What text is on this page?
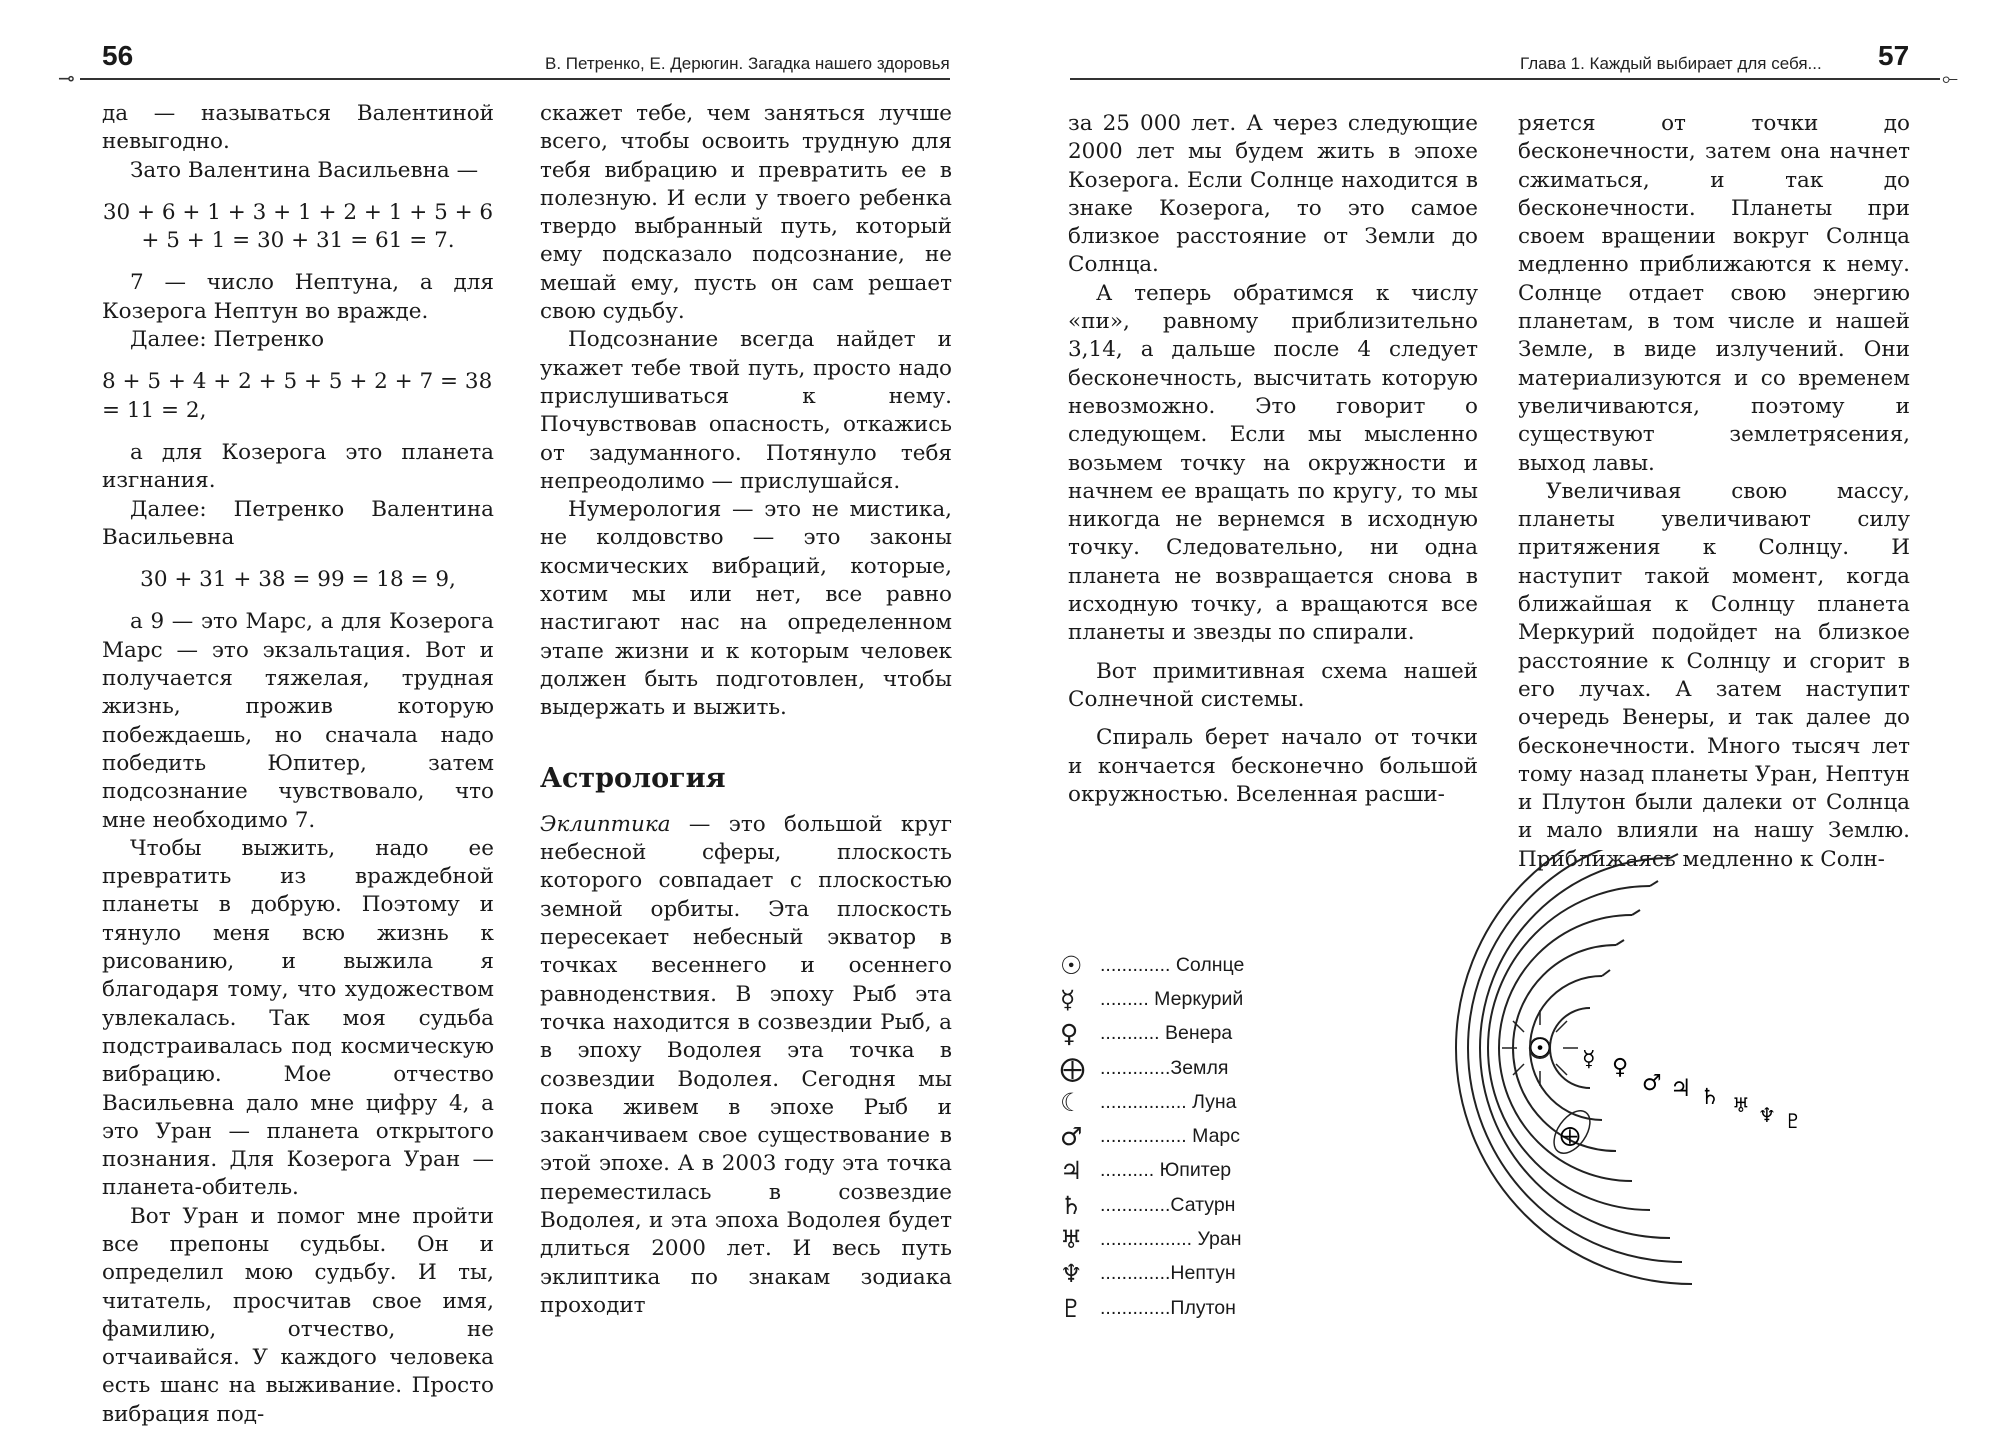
56	В. Петренко, Е. Дерюгин. Загадка нашего здоровья
⊸

да — называться Валентиной невыгодно.

Зато Валентина Васильевна —

30 + 6 + 1 + 3 + 1 + 2 + 1 + 5 + 6 + 5 + 1 = 30 + 31 = 61 = 7.

7 — число Нептуна, а для Козерога Нептун во вражде.

Далее: Петренко

8 + 5 + 4 + 2 + 5 + 5 + 2 + 7 = 38 = 11 = 2,

а для Козерога это планета изгнания.

Далее: Петренко Валентина Васильевна

30 + 31 + 38 = 99 = 18 = 9,

а 9 — это Марс, а для Козерога Марс — это экзальтация. Вот и получается тяжелая, трудная жизнь, прожив которую побеждаешь, но сначала надо победить Юпитер, затем подсознание чувствовало, что мне необходимо 7.

Чтобы выжить, надо ее превратить из враждебной планеты в добрую. Поэтому и тянуло меня всю жизнь к рисованию, и выжила я благодаря тому, что художеством увлекалась. Так моя судьба подстраивалась под космическую вибрацию. Мое отчество Васильевна дало мне цифру 4, а это Уран — планета открытого познания. Для Козерога Уран — планета-обитель.

Вот Уран и помог мне пройти все препоны судьбы. Он и определил мою судьбу. И ты, читатель, просчитав свое имя, фамилию, отчество, не отчаивайся. У каждого человека есть шанс на выживание. Просто вибрация под-

скажет тебе, чем заняться лучше всего, чтобы освоить трудную для тебя вибрацию и превратить ее в полезную. И если у твоего ребенка твердо выбранный путь, который ему подсказало подсознание, не мешай ему, пусть он сам решает свою судьбу.

Подсознание всегда найдет и укажет тебе твой путь, просто надо прислушиваться к нему. Почувствовав опасность, откажись от задуманного. Потянуло тебя непреодолимо — прислушайся.

Нумерология — это не мистика, не колдовство — это законы космических вибраций, которые, хотим мы или нет, все равно настигают нас на определенном этапе жизни и к которым человек должен быть подготовлен, чтобы выдержать и выжить.

Астрология

Эклиптика — это большой круг небесной сферы, плоскость которого совпадает с плоскостью земной орбиты. Эта плоскость пересекает небесный экватор в точках весеннего и осеннего равноденствия. В эпоху Рыб эта точка находится в созвездии Рыб, а в эпоху Водолея эта точка в созвездии Водолея. Сегодня мы пока живем в эпохе Рыб и заканчиваем свое существование в этой эпохе. А в 2003 году эта точка переместилась в созвездие Водолея, и эта эпоха Водолея будет длиться 2000 лет. И весь путь эклиптика по знакам зодиака проходит

Глава 1. Каждый выбирает для себя... 57
⟜

за 25 000 лет. А через следующие 2000 лет мы будем жить в эпохе Козерога. Если Солнце находится в знаке Козерога, то это самое близкое расстояние от Земли до Солнца.

А теперь обратимся к числу «пи», равному приблизительно 3,14, а дальше после 4 следует бесконечность, высчитать которую невозможно. Это говорит о следующем. Если мы мысленно возьмем точку на окружности и начнем ее вращать по кругу, то мы никогда не вернемся в исходную точку. Следовательно, ни одна планета не возвращается снова в исходную точку, а вращаются все планеты и звезды по спирали.

Вот примитивная схема нашей Солнечной системы.

Спираль берет начало от точки и кончается бесконечно большой окружностью. Вселенная расши-

ряется от точки до бесконечности, затем она начнет сжиматься, и так до бесконечности. Планеты при своем вращении вокруг Солнца медленно приближаются к нему. Солнце отдает свою энергию планетам, в том числе и нашей Земле, в виде излучений. Они материализуются и со временем увеличиваются, поэтому и существуют землетрясения, выход лавы.

Увеличивая свою массу, планеты увеличивают силу притяжения к Солнцу. И наступит такой момент, когда ближайшая к Солнцу планета Меркурий подойдет на близкое расстояние к Солнцу и сгорит в его лучах. А затем наступит очередь Венеры, и так далее до бесконечности. Много тысяч лет тому назад планеты Уран, Нептун и Плутон были далеки от Солнца и мало влияли на нашу Землю. Приближаясь медленно к Солн-

☉ ............. Солнце
☿	......... Меркурий
♀	........... Венера
⨁ .............Земля
☾ ................ Луна
♂ ................ Марс
♃ .......... Юпитер
♄ .............Сатурн
♅ ................. Уран
♆ .............Нептун
♇ .............Плутон
☉ ☿ ♀
♂ ♃ ♄ ♅ ♆ ♇
⨁
